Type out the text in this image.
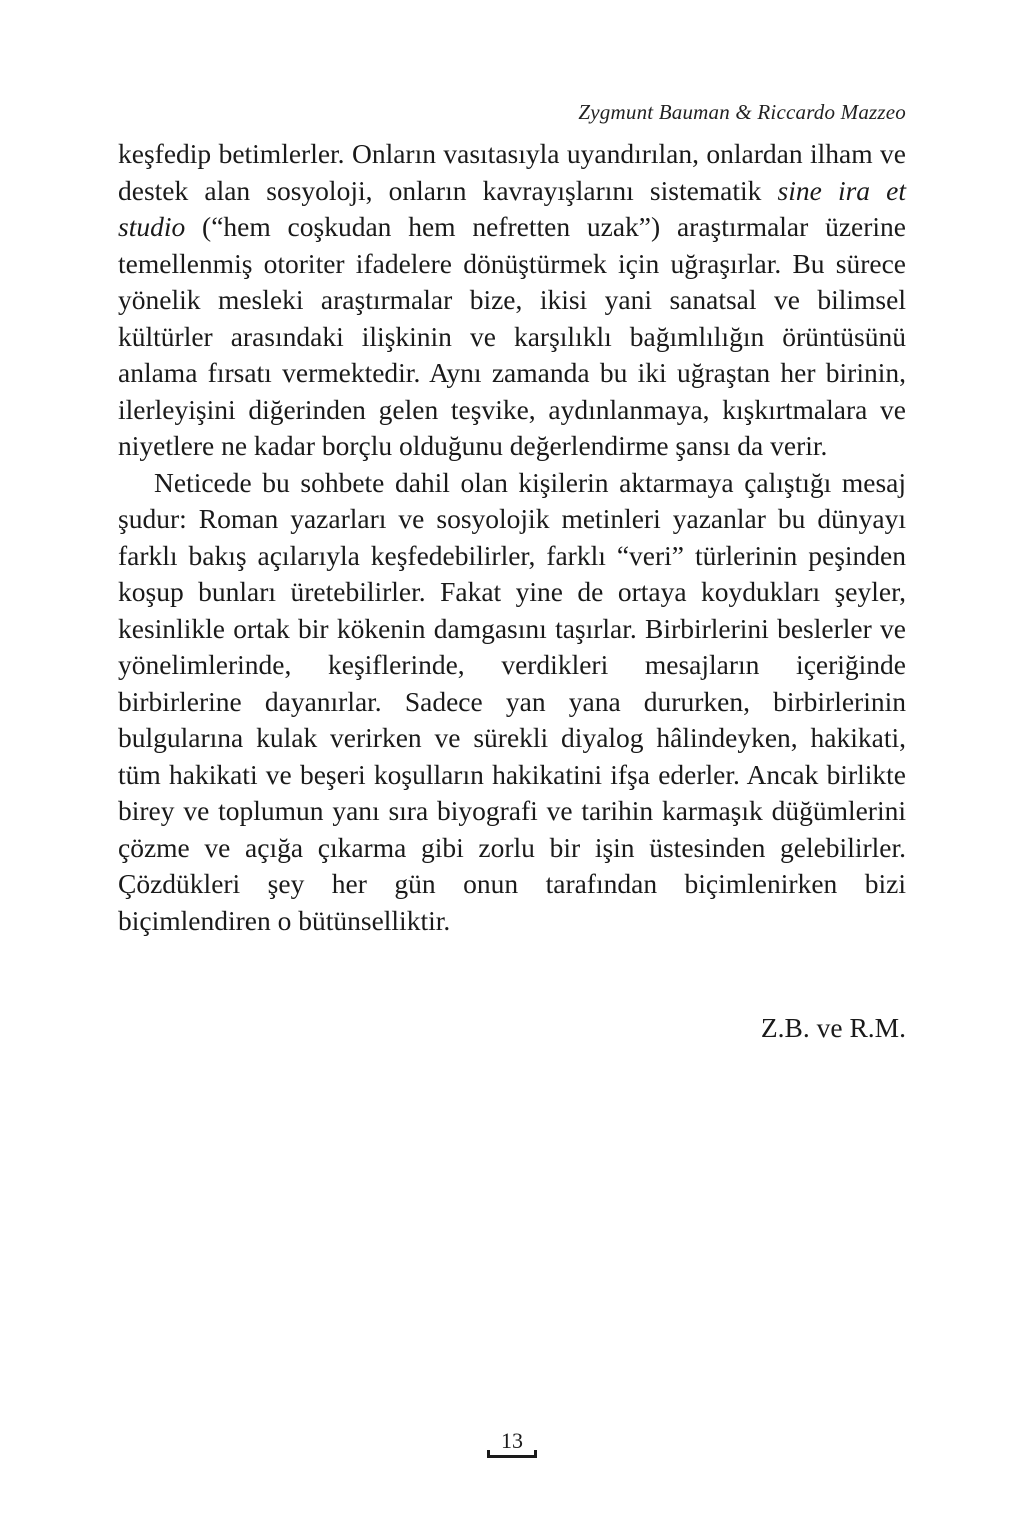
Zygmunt Bauman & Riccardo Mazzeo

keşfedip betimlerler. Onların vasıtasıyla uyandırılan, onlardan ilham ve destek alan sosyoloji, onların kavrayışlarını sistematik sine ira et studio (“hem coşkudan hem nefretten uzak”) araştırmalar üzerine temellenmiş otoriter ifadelere dönüştürmek için uğraşırlar. Bu sürece yönelik mesleki araştırmalar bize, ikisi yani sanatsal ve bilimsel kültürler arasındaki ilişkinin ve karşılıklı bağımlılığın örüntüsünü anlama fırsatı vermektedir. Aynı zamanda bu iki uğraştan her birinin, ilerleyişini diğerinden gelen teşvike, aydınlanmaya, kışkırtmalara ve niyetlere ne kadar borçlu olduğunu değerlendirme şansı da verir.

Neticede bu sohbete dahil olan kişilerin aktarmaya çalıştığı mesaj şudur: Roman yazarları ve sosyolojik metinleri yazanlar bu dünyayı farklı bakış açılarıyla keşfedebilirler, farklı “veri” türlerinin peşinden koşup bunları üretebilirler. Fakat yine de ortaya koydukları şeyler, kesinlikle ortak bir kökenin damgasını taşırlar. Birbirlerini beslerler ve yönelimlerinde, keşiflerinde, verdikleri mesajların içeriğinde birbirlerine dayanırlar. Sadece yan yana dururken, birbirlerinin bulgularına kulak verirken ve sürekli diyalog hâlindeyken, hakikati, tüm hakikati ve beşeri koşulların hakikatini ifşa ederler. Ancak birlikte birey ve toplumun yanı sıra biyografi ve tarihin karmaşık düğümlerini çözme ve açığa çıkarma gibi zorlu bir işin üstesinden gelebilirler. Çözdükleri şey her gün onun tarafından biçimlenirken bizi biçimlendiren o bütünselliktir.

Z.B. ve R.M.
13
